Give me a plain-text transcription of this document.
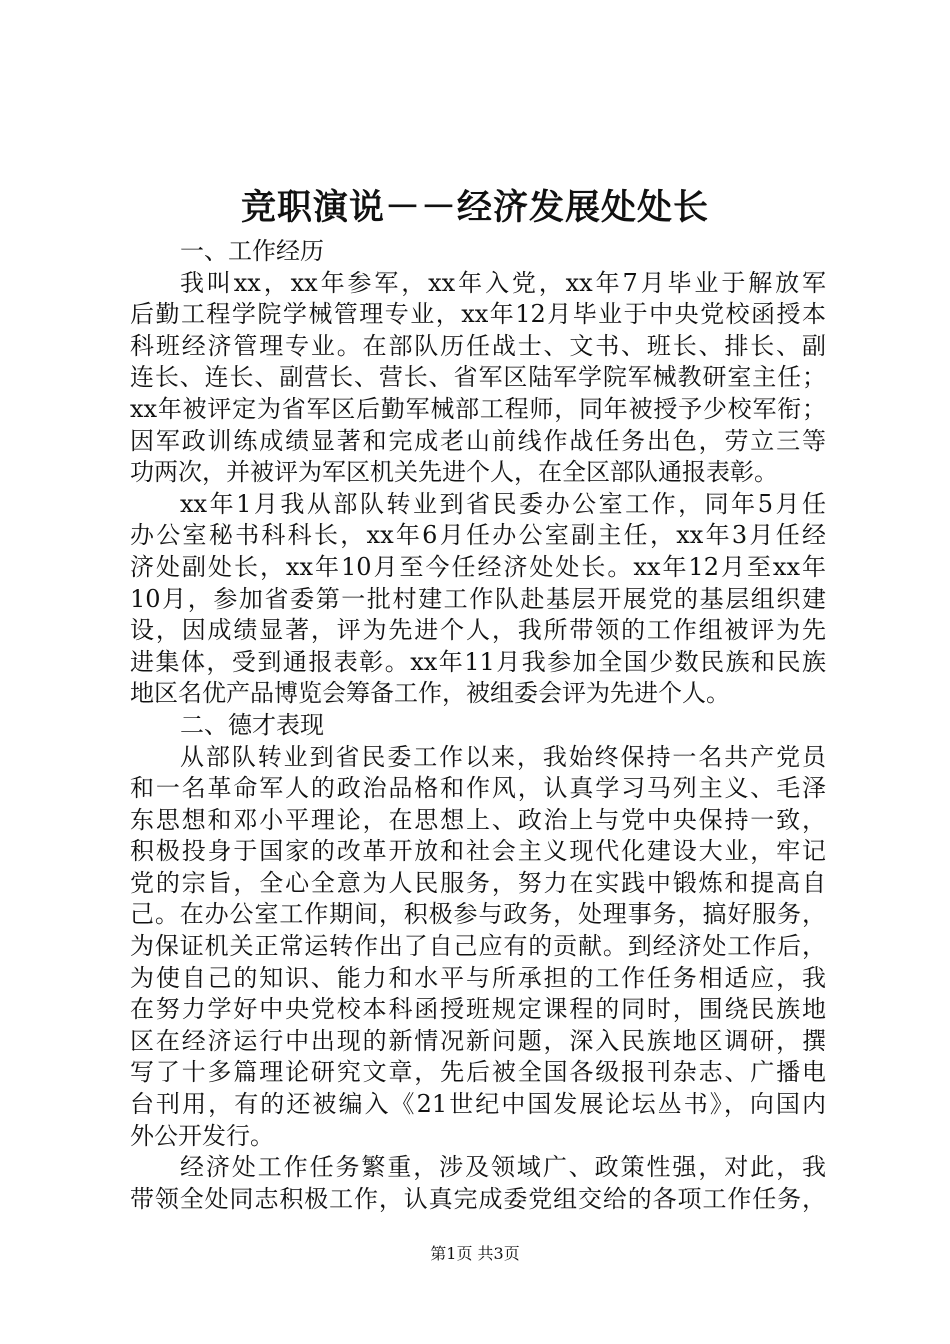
竞职演说－－经济发展处处长
一、工作经历
我叫xx，xx年参军，xx年入党，xx年7月毕业于解放军
后勤工程学院学械管理专业，xx年12月毕业于中央党校函授本
科班经济管理专业。在部队历任战士、文书、班长、排长、副
连长、连长、副营长、营长、省军区陆军学院军械教研室主任；
xx年被评定为省军区后勤军械部工程师，同年被授予少校军衔；
因军政训练成绩显著和完成老山前线作战任务出色，劳立三等
功两次，并被评为军区机关先进个人，在全区部队通报表彰。
xx年1月我从部队转业到省民委办公室工作，同年5月任
办公室秘书科科长，xx年6月任办公室副主任，xx年3月任经
济处副处长，xx年10月至今任经济处处长。xx年12月至xx年
10月，参加省委第一批村建工作队赴基层开展党的基层组织建
设，因成绩显著，评为先进个人，我所带领的工作组被评为先
进集体，受到通报表彰。xx年11月我参加全国少数民族和民族
地区名优产品博览会筹备工作，被组委会评为先进个人。
二、德才表现
从部队转业到省民委工作以来，我始终保持一名共产党员
和一名革命军人的政治品格和作风，认真学习马列主义、毛泽
东思想和邓小平理论，在思想上、政治上与党中央保持一致，
积极投身于国家的改革开放和社会主义现代化建设大业，牢记
党的宗旨，全心全意为人民服务，努力在实践中锻炼和提高自
己。在办公室工作期间，积极参与政务，处理事务，搞好服务，
为保证机关正常运转作出了自己应有的贡献。到经济处工作后，
为使自己的知识、能力和水平与所承担的工作任务相适应，我
在努力学好中央党校本科函授班规定课程的同时，围绕民族地
区在经济运行中出现的新情况新问题，深入民族地区调研，撰
写了十多篇理论研究文章，先后被全国各级报刊杂志、广播电
台刊用，有的还被编入《21世纪中国发展论坛丛书》，向国内
外公开发行。
经济处工作任务繁重，涉及领域广、政策性强，对此，我
带领全处同志积极工作，认真完成委党组交给的各项工作任务，
第1页 共3页
